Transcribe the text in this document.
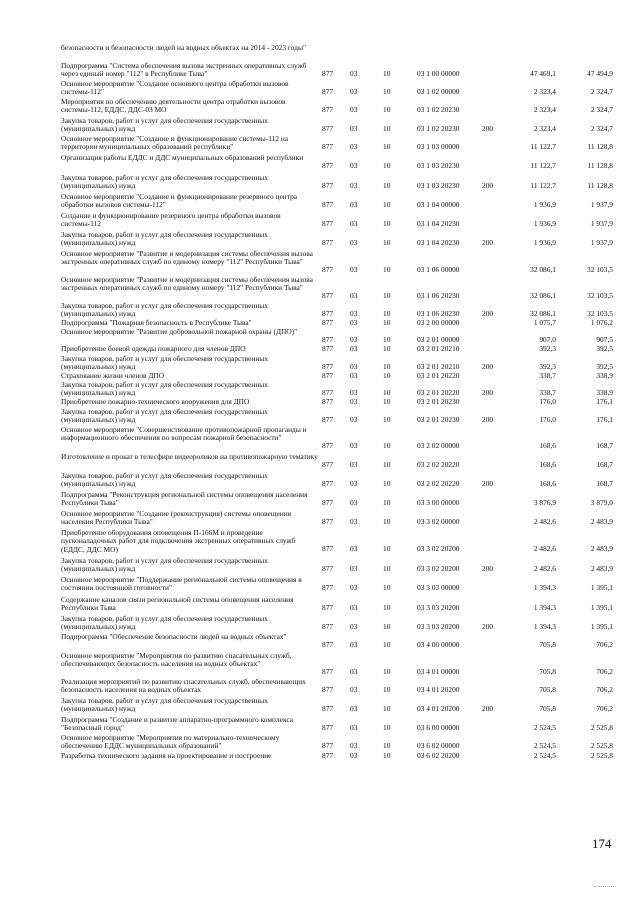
безопасности и безопасности людей на водных объектах на 2014 - 2023 годы"
Подпрограмма "Система обеспечения вызова экстренных оперативных служб через единый номер "112" в Республике Тыва"	877 03	10	03 1 00 00000	47 469,1	47 494,9
Основное мероприятие "Создание основного центра обработки вызовов системы-112"	877 03	10	03 1 02 00000	2 323,4	2 324,7
Мероприятия по обеспечению деятельности центра отработки вызовов системы-112, ЕДДС, ДДС-03 МО	877 03	10	03 1 02 20230	2 323,4	2 324,7
Закупка товаров, работ и услуг для обеспечения государственных (муниципальных) нужд	877 03	10	03 1 02 20230	200	2 323,4	2 324,7
Основное мероприятие "Создание и функционирование системы-112 на территории муниципальных образований республики"	877 03	10	03 1 03 00000	11 122,7	11 128,8
Организация работы ЕДДС и ДДС муниципальных образований республики
877 03	10	03 1 03 20230	11 122,7	11 128,8
Закупка товаров, работ и услуг для обеспечения государственных (муниципальных) нужд	877 03	10	03 1 03 20230	200	11 122,7	11 128,8
Основное мероприятие "Создание и функционирование резервного центра обработки вызовов системы-112"	877 03	10	03 1 04 00000	1 936,9	1 937,9
Создание и функционирование резервного центра обработки вызовов системы-112	877 03	10	03 1 04 20230	1 936,9	1 937,9
Закупка товаров, работ и услуг для обеспечения государственных (муниципальных) нужд	877 03	10	03 1 04 20230	200	1 936,9	1 937,9
Основное мероприятие "Развитие и модернизация системы обеспечения вызова экстренных оперативных служб по единому номеру "112" Республики Тыва"
877 03	10	03 1 06 00000	32 086,1	32 103,5
Основное мероприятие "Развитие и модернизация системы обеспечения вызова экстренных оперативных служб по единому номеру "112" Республики Тыва"
877 03	10	03 1 06 20230	32 086,1	32 103,5
Закупка товаров, работ и услуг для обеспечения государственных (муниципальных) нужд	877 03	10	03 1 06 20230	200	32 086,1	32 103,5
Подпрограмма "Пожарная безопасность в Республике Тыва"	877 03	10	03 2 00 00000	1 075,7	1 076,2
Основное мероприятие "Развитие добровольной пожарной охраны (ДПО)"
877 03	10	03 2 01 00000	907,0	907,5
Приобретение боевой одежды пожарного для членов ДПО	877 03	10	03 2 01 20210	392,3	392,5
Закупка товаров, работ и услуг для обеспечения государственных (муниципальных) нужд	877 03	10	03 2 01 20210	200	392,3	392,5
Страхование жизни членов ДПО	877 03	10	03 2 01 20220	338,7	338,9
Закупка товаров, работ и услуг для обеспечения государственных (муниципальных) нужд	877 03	10	03 2 01 20220	200	338,7	338,9
Приобретение пожарно-технического вооружения для ДПО	877 03	10	03 2 01 20230	176,0	176,1
Закупка товаров, работ и услуг для обеспечения государственных (муниципальных) нужд	877 03	10	03 2 01 20230	200	176,0	176,1
Основное мероприятие "Совершенствование противопожарной пропаганды и информационного обеспечения по вопросам пожарной безопасности"
877 03	10	03 2 02 00000	168,6	168,7
Изготовление и прокат в телесфире видеороликов на противопожарную тематику
877 03	10	03 2 02 20220	168,6	168,7
Закупка товаров, работ и услуг для обеспечения государственных (муниципальных) нужд	877 03	10	03 2 02 20220	200	168,6	168,7
Подпрограмма "Реконструкция региональной системы оповещения населения Республики Тыва"	877 03	10	03 3 00 00000	3 876,9	3 879,0
Основное мероприятие "Создание (реконструкция) системы оповещения населения Республики Тыва"	877 03	10	03 3 02 00000	2 482,6	2 483,9
Приобретение оборудования оповещения П-166М и проведение пусконаладочных работ для подключения экстренных оперативных служб (ЕДДС, ДДС МО)	877 03	10	03 3 02 20200	2 482,6	2 483,9
Закупка товаров, работ и услуг для обеспечения государственных (муниципальных) нужд	877 03	10	03 3 02 20200	200	2 482,6	2 483,9
Основное мероприятие "Поддержание региональной системы оповещения в состоянии постоянной готовности"	877 03	10	03 3 03 00000	1 394,3	1 395,1
Содержание каналов связи региональной системы оповещения населения Республики Тыва	877 03	10	03 3 03 20200	1 394,3	1 395,1
Закупка товаров, работ и услуг для обеспечения государственных (муниципальных) нужд	877 03	10	03 3 03 20200	200	1 394,3	1 395,1
Подпрограмма "Обеспечение безопасности людей на водных объектах"
877 03	10	03 4 00 00000	705,8	706,2
Основное мероприятие "Мероприятия по развитию спасательных служб, обеспечивающих безопасность населения на водных объектах"
877 03	10	03 4 01 00000	705,8	706,2
Реализация мероприятий по развитию спасательных служб, обеспечивающих безопасность населения на водных объектах	877 03	10	03 4 01 20200	705,8	706,2
Закупка товаров, работ и услуг для обеспечения государственных (муниципальных) нужд	877 03	10	03 4 01 20200	200	705,8	706,2
Подпрограмма "Создание и развитие аппаратно-программного комплекса "Безопасный город"	877 03	10	03 6 00 00000	2 524,5	2 525,8
Основное мероприятие "Мероприятия по материально-техническому обеспечению ЕДДС муниципальных образований"	877 03	10	03 6 02 00000	2 524,5	2 525,8
Разработка технического задания на проектирование и построение	877 03	10	03 6 02 20200	2 524,5	2 525,8
174
